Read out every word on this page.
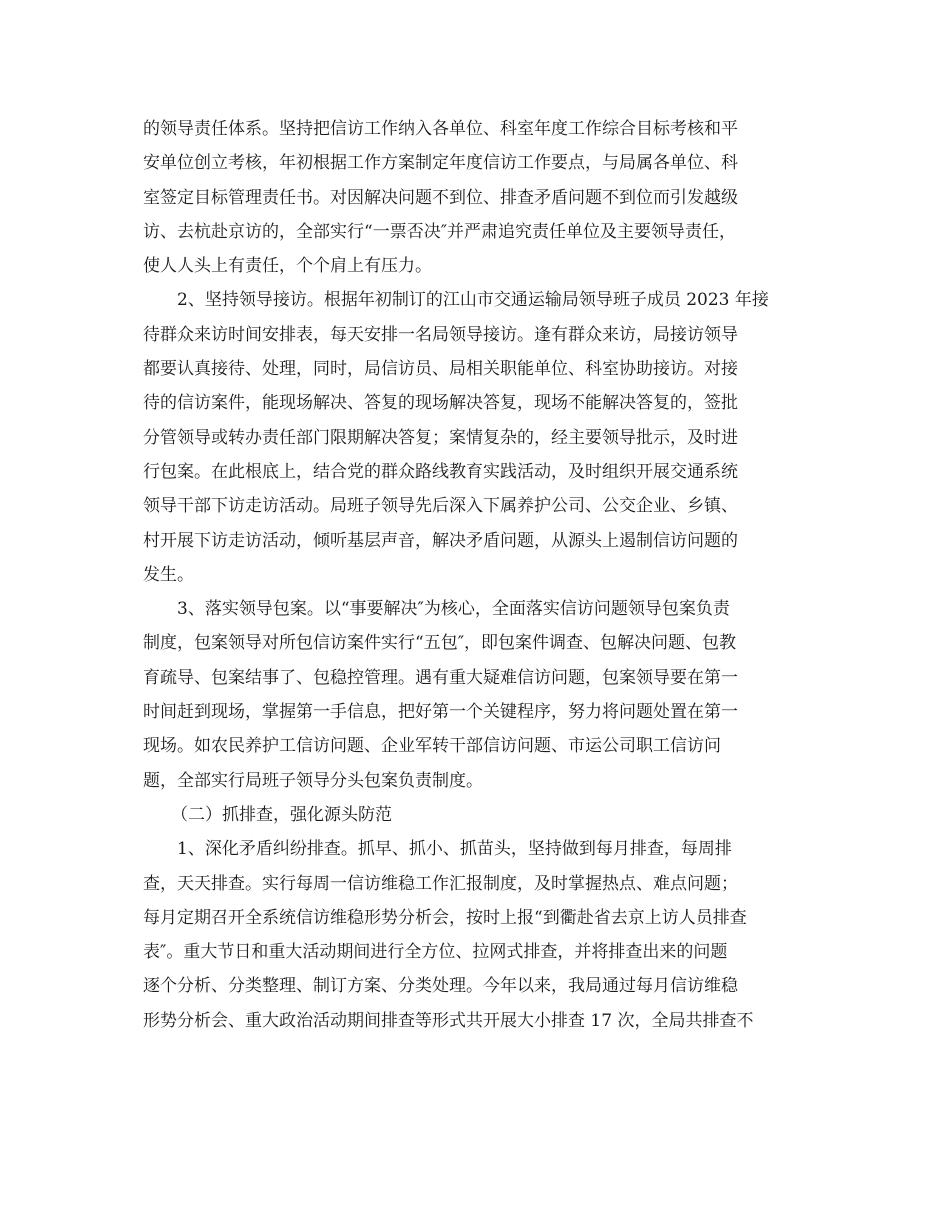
的领导责任体系。坚持把信访工作纳入各单位、科室年度工作综合目标考核和平
安单位创立考核，年初根据工作方案制定年度信访工作要点，与局属各单位、科
室签定目标管理责任书。对因解决问题不到位、排查矛盾问题不到位而引发越级
访、去杭赴京访的，全部实行“一票否决″并严肃追究责任单位及主要领导责任，
使人人头上有责任，个个肩上有压力。
2、坚持领导接访。根据年初制订的江山市交通运输局领导班子成员 2023 年接
待群众来访时间安排表，每天安排一名局领导接访。逢有群众来访，局接访领导
都要认真接待、处理，同时，局信访员、局相关职能单位、科室协助接访。对接
待的信访案件，能现场解决、答复的现场解决答复，现场不能解决答复的，签批
分管领导或转办责任部门限期解决答复；案情复杂的，经主要领导批示，及时进
行包案。在此根底上，结合党的群众路线教育实践活动，及时组织开展交通系统
领导干部下访走访活动。局班子领导先后深入下属养护公司、公交企业、乡镇、
村开展下访走访活动，倾听基层声音，解决矛盾问题，从源头上遏制信访问题的
发生。
3、落实领导包案。以“事要解决″为核心，全面落实信访问题领导包案负责
制度，包案领导对所包信访案件实行“五包″，即包案件调查、包解决问题、包教
育疏导、包案结事了、包稳控管理。遇有重大疑难信访问题，包案领导要在第一
时间赶到现场，掌握第一手信息，把好第一个关键程序，努力将问题处置在第一
现场。如农民养护工信访问题、企业军转干部信访问题、市运公司职工信访问
题，全部实行局班子领导分头包案负责制度。
（二）抓排查，强化源头防范
1、深化矛盾纠纷排查。抓早、抓小、抓苗头，坚持做到每月排查，每周排
查，天天排查。实行每周一信访维稳工作汇报制度，及时掌握热点、难点问题；
每月定期召开全系统信访维稳形势分析会，按时上报“到衢赴省去京上访人员排查
表″。重大节日和重大活动期间进行全方位、拉网式排查，并将排查出来的问题
逐个分析、分类整理、制订方案、分类处理。今年以来，我局通过每月信访维稳
形势分析会、重大政治活动期间排查等形式共开展大小排查 17 次，全局共排查不
